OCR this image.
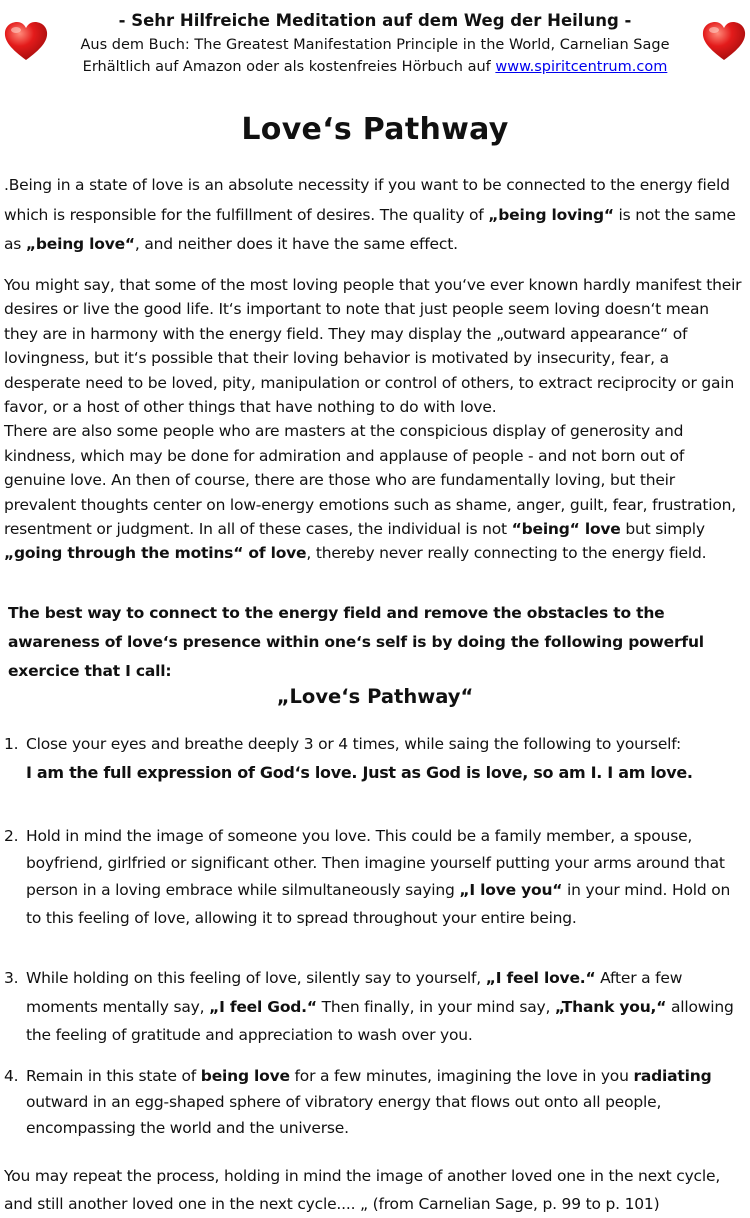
- Sehr Hilfreiche Meditation auf dem Weg der Heilung -
Aus dem Buch: The Greatest Manifestation Principle in the World, Carnelian Sage
Erhältlich auf Amazon oder als kostenfreies Hörbuch auf www.spiritcentrum.com
Love‘s Pathway
.Being in a state of love is an absolute necessity if you want to be connected to the energy field which is responsible for the fulfillment of desires. The quality of „being loving“ is not the same as „being love“, and neither does it have the same effect.
You might say, that some of the most loving people that you‘ve ever known hardly manifest their desires or live the good life. It‘s important to note that just people seem loving doesn‘t mean they are in harmony with the energy field. They may display the „outward appearance“ of lovingness, but it‘s possible that their loving behavior is motivated by insecurity, fear, a desperate need to be loved, pity, manipulation or control of others, to extract reciprocity or gain favor, or a host of other things that have nothing to do with love.
There are also some people who are masters at the conspicious display of generosity and kindness, which may be done for admiration and applause of people - and not born out of genuine love. An then of course, there are those who are fundamentally loving, but their prevalent thoughts center on low-energy emotions such as shame, anger, guilt, fear, frustration, resentment or judgment. In all of these cases, the individual is not “being“ love but simply „going through the motins“ of love, thereby never really connecting to the energy field.
The best way to connect to the energy field and remove the obstacles to the awareness of love‘s presence within one‘s self is by doing the following powerful exercice that I call:
„Love‘s Pathway“
1. Close your eyes and breathe deeply 3 or 4 times, while saing the following to yourself:
I am the full expression of God‘s love. Just as God is love, so am I. I am love.
2. Hold in mind the image of someone you love. This could be a family member, a spouse, boyfriend, girlfried or significant other. Then imagine yourself putting your arms around that person in a loving embrace while silmultaneously saying „I love you“ in your mind. Hold on to this feeling of love, allowing it to spread throughout your entire being.
3. While holding on this feeling of love, silently say to yourself, „I feel love.“ After a few moments mentally say, „I feel God.“ Then finally, in your mind say, „Thank you,“ allowing the feeling of gratitude and appreciation to wash over you.
4. Remain in this state of being love for a few minutes, imagining the love in you radiating outward in an egg-shaped sphere of vibratory energy that flows out onto all people, encompassing the world and the universe.
You may repeat the process, holding in mind the image of another loved one in the next cycle, and still another loved one in the next cycle.... „ (from Carnelian Sage, p. 99 to p. 101)
